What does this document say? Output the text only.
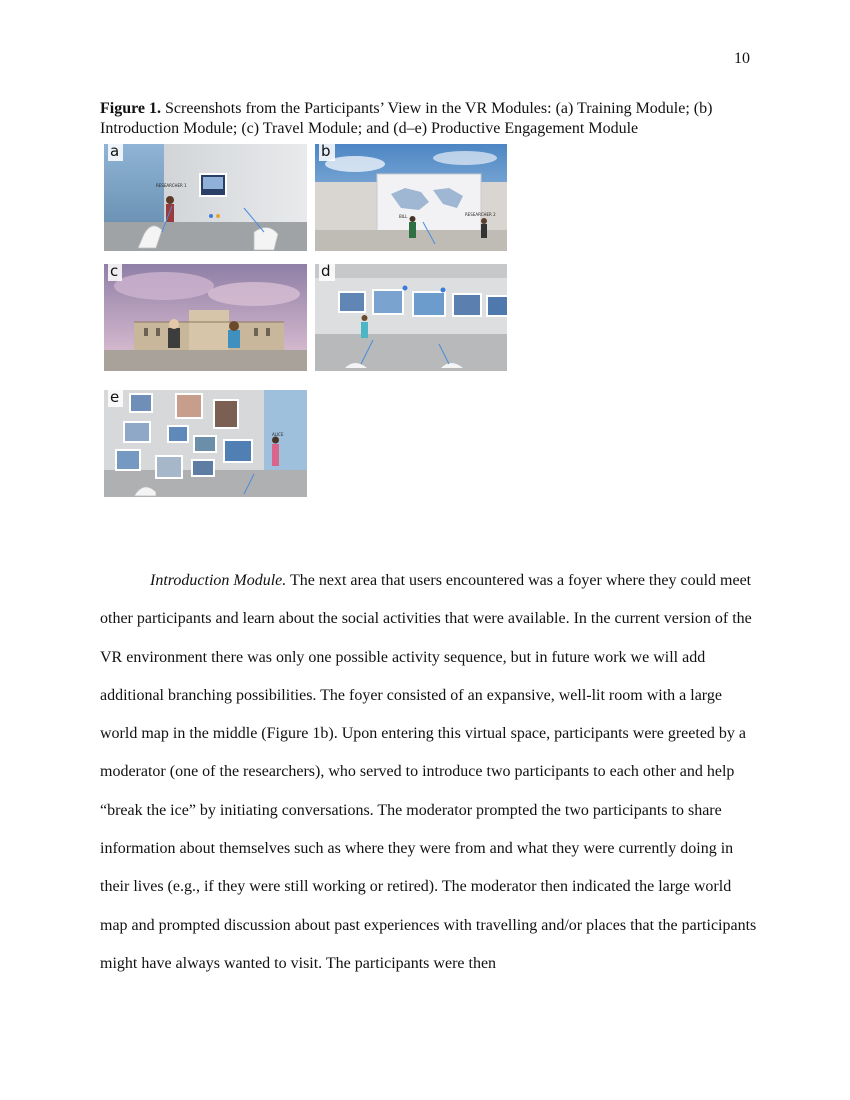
10
Figure 1. Screenshots from the Participants’ View in the VR Modules: (a) Training Module; (b) Introduction Module; (c) Travel Module; and (d–e) Productive Engagement Module
RESEARCHER 1
a
BILL	RESEARCHER 2
b
c	d
ALICE
e

Introduction Module. The next area that users encountered was a foyer where they could meet other participants and learn about the social activities that were available. In the current version of the VR environment there was only one possible activity sequence, but in future work we will add additional branching possibilities. The foyer consisted of an expansive, well-lit room with a large world map in the middle (Figure 1b). Upon entering this virtual space, participants were greeted by a moderator (one of the researchers), who served to introduce two participants to each other and help “break the ice” by initiating conversations. The moderator prompted the two participants to share information about themselves such as where they were from and what they were currently doing in their lives (e.g., if they were still working or retired). The moderator then indicated the large world map and prompted discussion about past experiences with travelling and/or places that the participants might have always wanted to visit. The participants were then
